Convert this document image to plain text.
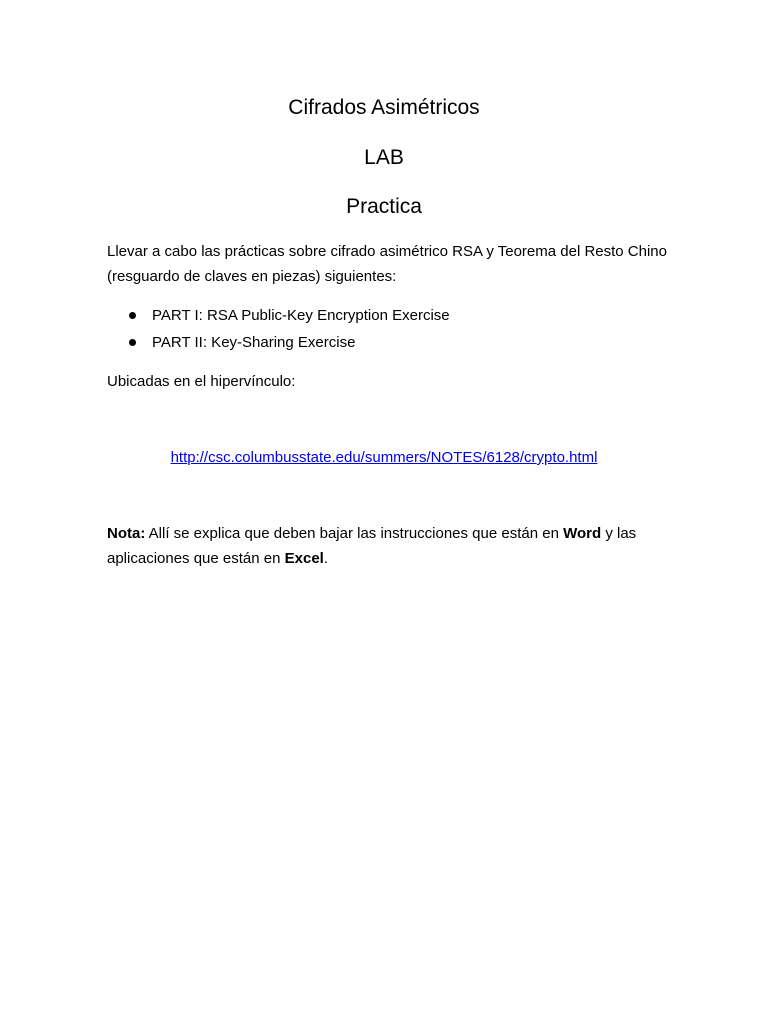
Cifrados Asimétricos
LAB
Practica

Llevar a cabo las prácticas sobre cifrado asimétrico RSA y Teorema del Resto Chino (resguardo de claves en piezas) siguientes:

PART I: RSA Public-Key Encryption Exercise
PART II: Key-Sharing Exercise

Ubicadas en el hipervínculo:

http://csc.columbusstate.edu/summers/NOTES/6128/crypto.html

Nota: Allí se explica que deben bajar las instrucciones que están en Word y las aplicaciones que están en Excel.
